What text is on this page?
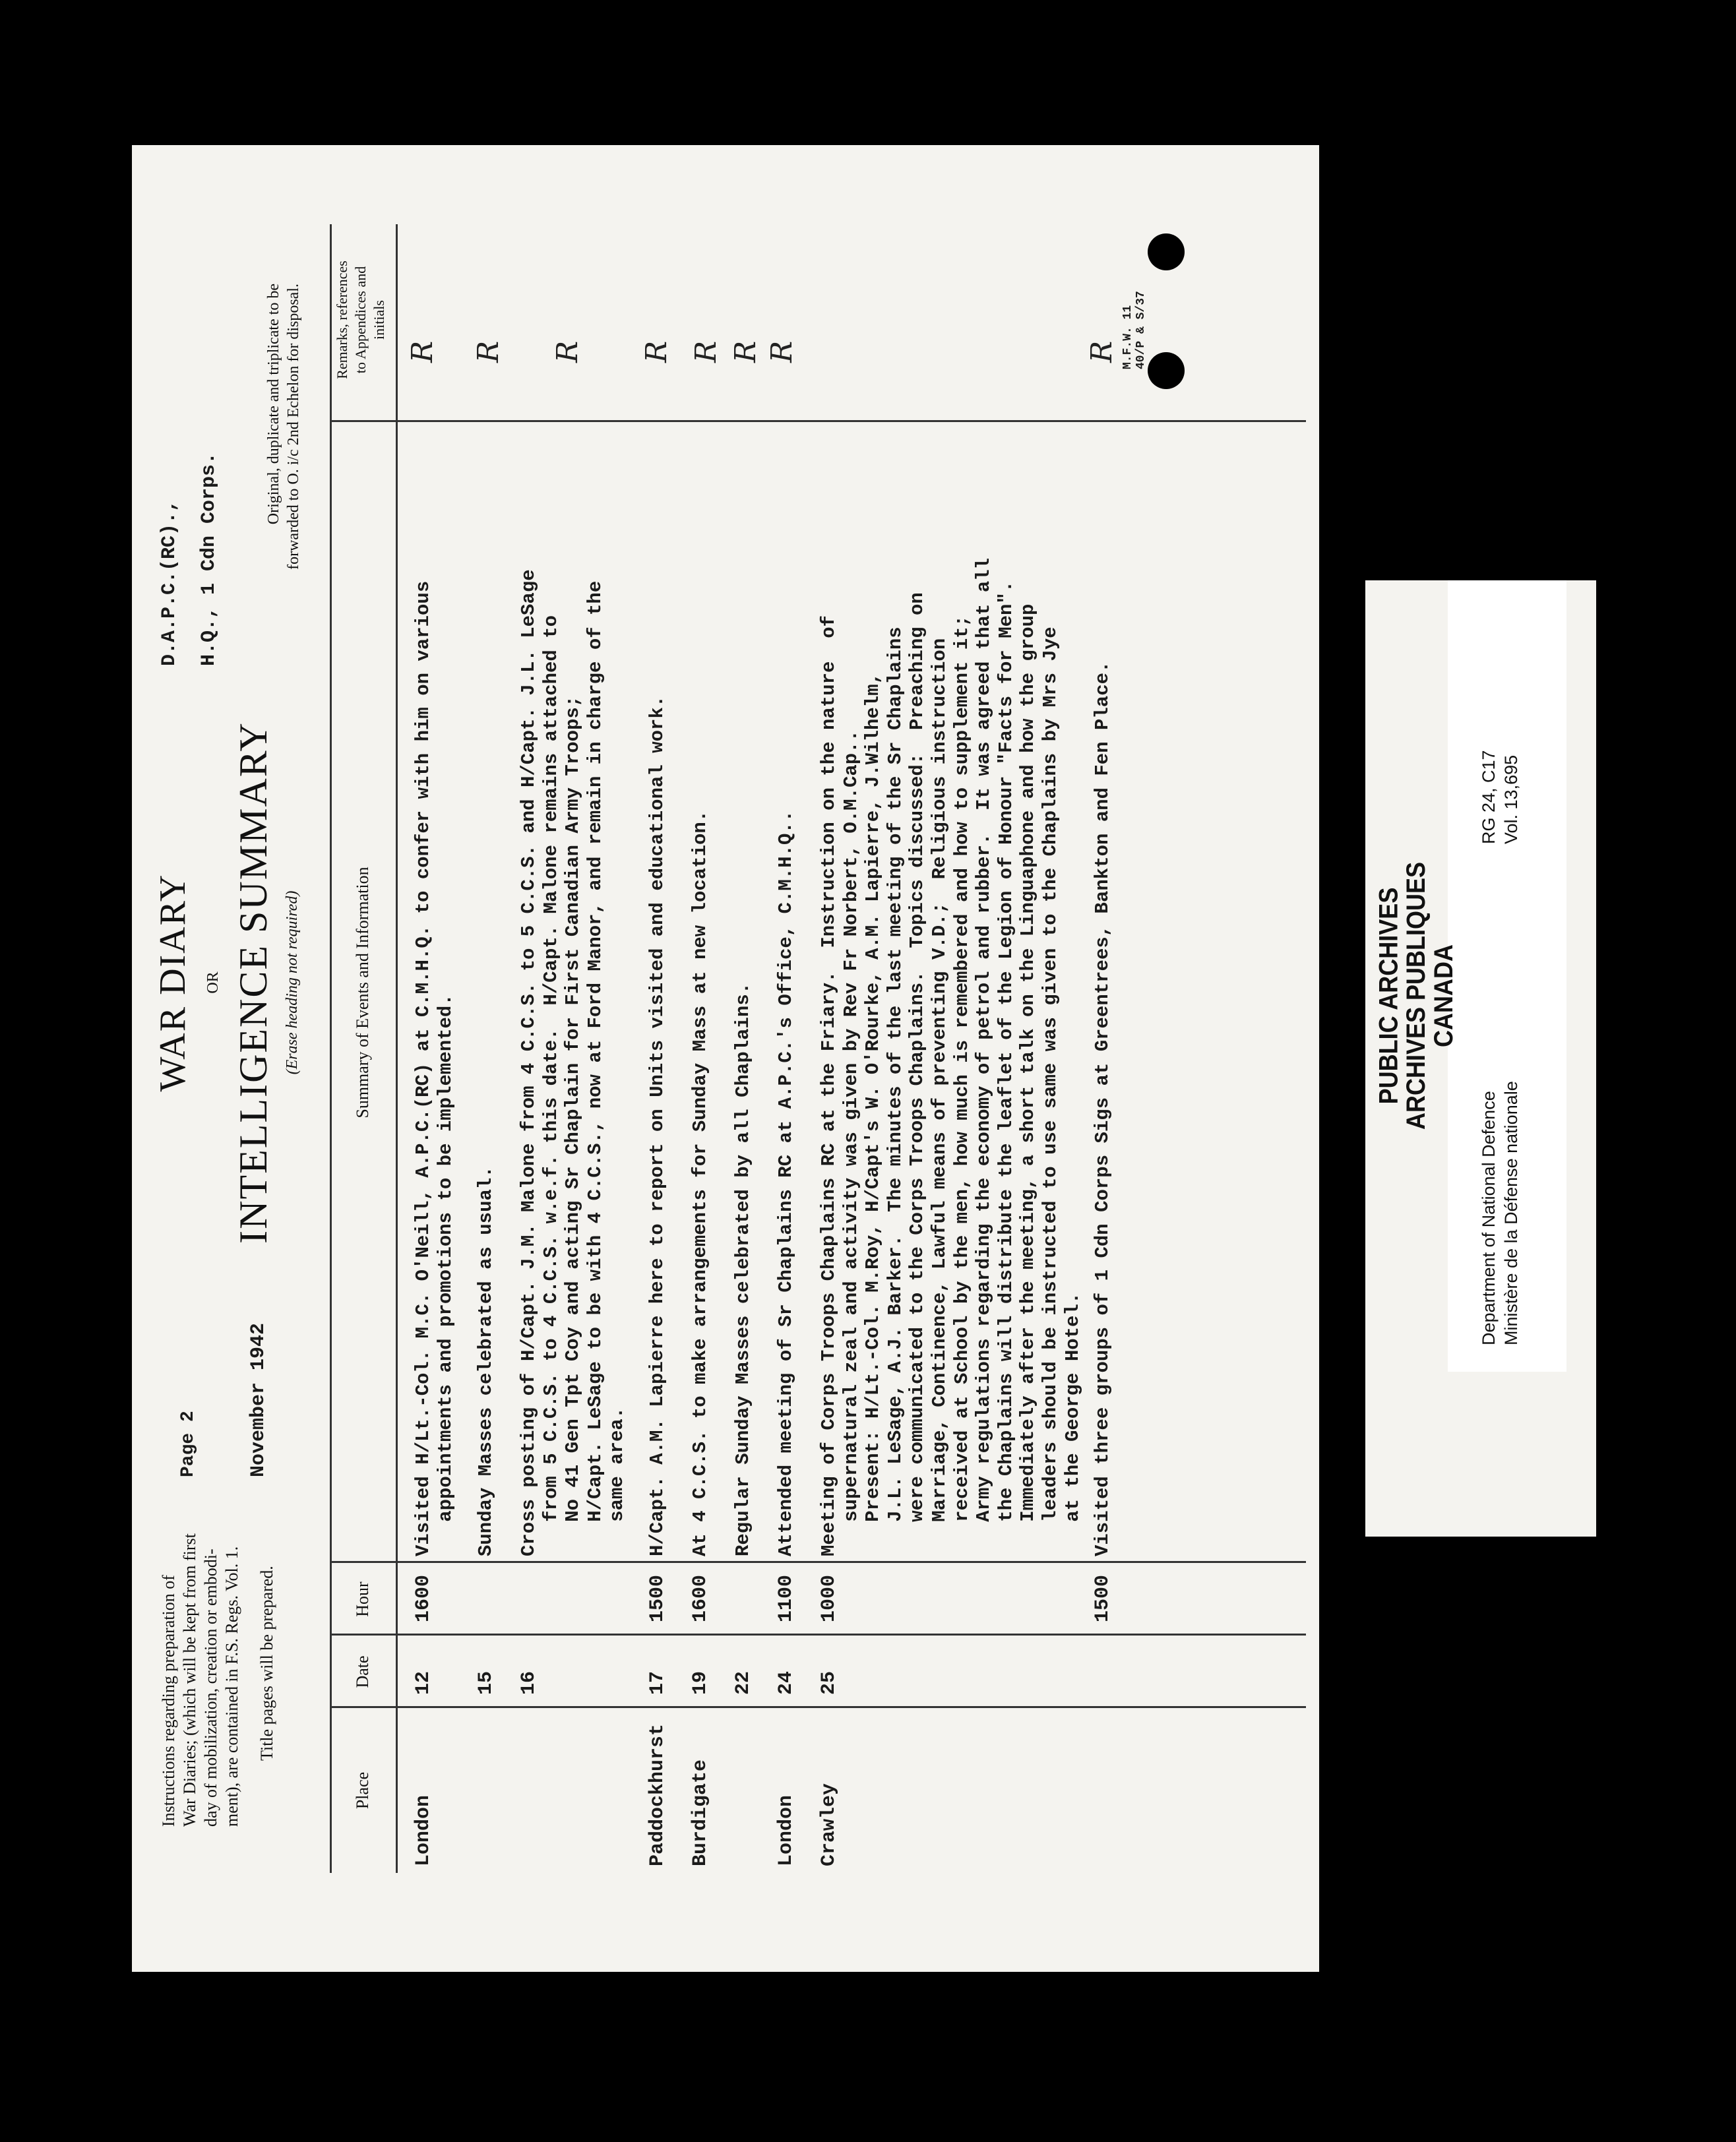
M.F.W. 11 40/P & S/37
Instructions regarding preparation of War Diaries; (which will be kept from first day of mobilization, creation or embodi- ment), are contained in F.S. Regs. Vol. 1. Title pages will be prepared.
Page 2 November 1942
WAR DIARY OR INTELLIGENCE SUMMARY (Erase heading not required)
D.A.P.C.(RC)., H.Q., 1 Cdn Corps.
Original, duplicate and triplicate to be forwarded to O. i/c 2nd Echelon for disposal.
Place
Date
Hour
Summary of Events and Information
Remarks, references to Appendices and initials
London
12
1600
Visited H/Lt.-Col. M.C. O'Neill, A.P.C.(RC) at C.M.H.Q. to confer with him on various
appointments and promotions to be implemented.
R
15
Sunday Masses celebrated as usual.
R
16
Cross posting of H/Capt. J.M. Malone from 4 C.C.S. to 5 C.C.S. and H/Capt. J.L. LeSage
from 5 C.C.S. to 4 C.C.S. w.e.f. this date.  H/Capt. Malone remains attached to
No 41 Gen Tpt Coy and acting Sr Chaplain for First Canadian Army Troops;
H/Capt. LeSage to be with 4 C.C.S., now at Ford Manor, and remain in charge of the
same area.
R
Paddockhurst
17
1500
H/Capt. A.M. Lapierre here to report on Units visited and educational work.
R
Burdigate
19
1600
At 4 C.C.S. to make arrangements for Sunday Mass at new location.
R
22
Regular Sunday Masses celebrated by all Chaplains.
R
London
24
1100
Attended meeting of Sr Chaplains RC at A.P.C.'s Office, C.M.H.Q..
R
Crawley
25
1000
Meeting of Corps Troops Chaplains RC at the Friary.  Instruction on the nature  of
supernatural zeal and activity was given by Rev Fr Norbert, O.M.Cap..
Present: H/Lt.-Col. M.Roy, H/Capt's W. O'Rourke, A.M. Lapierre, J.Wilhelm,
J.L. LeSage, A.J. Barker.  The minutes of the last meeting of the Sr Chaplains
were communicated to the Corps Troops Chaplains.  Topics discussed:  Preaching on
Marriage, Continence, Lawful means of preventing V.D.;  Religious instruction
received at School by the men, how much is remembered and how to supplement it;
Army regulations regarding the economy of petrol and rubber.  It was agreed that all
the Chaplains will distribute the leaflet of the Legion of Honour "Facts for Men".
Immediately after the meeting, a short talk on the Linguaphone and how the group
leaders should be instructed to use same was given to the Chaplains by Mrs Jye
at the George Hotel.
1500
Visited three groups of 1 Cdn Corps Sigs at Greentrees, Bankton and Fen Place.
R
Department of National Defence Ministère de la Défense nationale
RG 24, C17 Vol. 13,695
PUBLIC ARCHIVES
ARCHIVES PUBLIQUES
CANADA
